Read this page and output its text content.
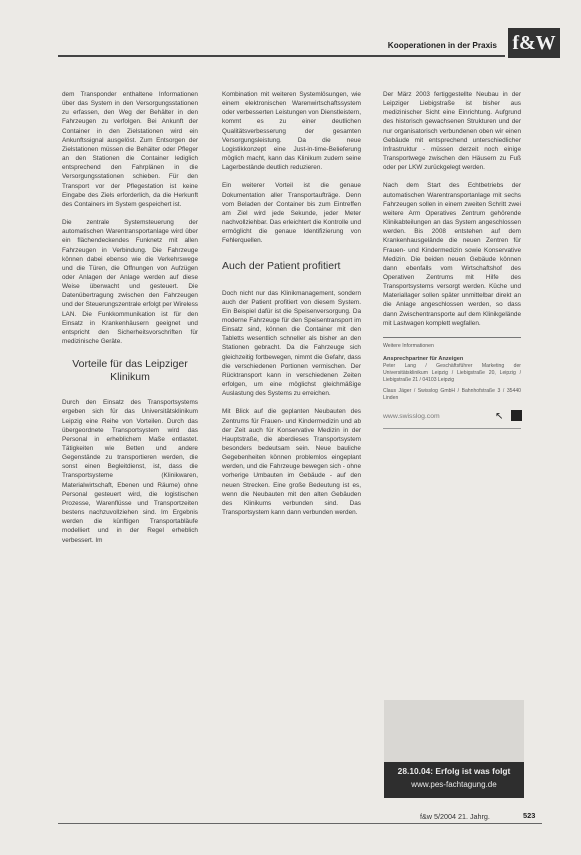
Kooperationen in der Praxis f&W

dem Transponder enthaltene Informationen über das System in den Versorgungsstationen zu erfassen, den Weg der Behälter in den Fahrzeugen zu verfolgen. Bei Ankunft der Container in den Zielstationen wird ein Ankunftssignal ausgelöst. Zum Entsorgen der Zielstationen müssen die Behälter oder Pfleger an den Stationen die Container lediglich entsprechend den Fahrplänen in die Versorgungsstationen schieben. Für den Transport vor der Pflegestation ist keine Eingabe des Ziels erforderlich, da die Herkunft des Containers im System gespeichert ist.

Die zentrale Systemsteuerung der automatischen Warentransportanlage wird über ein flächendeckendes Funknetz mit allen Fahrzeugen in Verbindung. Die Fahrzeuge können dabei ebenso wie die Verkehrswege und die Türen, die Offnungen von Aufzügen oder Anlagen der Anlage werden auf diese Weise überwacht und gesteuert. Die Datenübertragung zwischen den Fahrzeugen und der Steuerungszentrale erfolgt per Wireless LAN. Die Funkkommunikation ist für den Einsatz in Krankenhäusern geeignet und entspricht den Sicherheitsvorschriften für medizinische Geräte.

Vorteile für das Leipziger Klinikum

Durch den Einsatz des Transportsystems ergeben sich für das Universitätsklinikum Leipzig eine Reihe von Vorteilen. Durch das übergeordnete Transportsystem wird das Personal in erheblichem Maße entlastet. Tätigkeiten wie Betten und andere Gegenstände zu transportieren werden, die sonst einen Begleitdienst, ist, dass die Transportsysteme (Klinikwaren, Materialwirtschaft, Ebenen und Räume) ohne Personal gesteuert wird, die logistischen Prozesse, Warenflüsse und Transportzeiten bestens nachzuvollziehen sind. Im Ergebnis werden die künftigen Transportabläufe modelliert und in der Regel erheblich verbessert. Im

Kombination mit weiteren Systemlösungen, wie einem elektronischen Warenwirtschaftssystem oder verbesserten Leistungen von Dienstleistern, kommt es zu einer deutlichen Qualitätsverbesserung der gesamten Versorgungsleistung. Da die neue Logistikkonzept eine Just-in-time-Belieferung möglich macht, kann das Klinikum zudem seine Lagerbestände deutlich reduzieren.

Ein weiterer Vorteil ist die genaue Dokumentation aller Transportaufträge. Denn vom Beladen der Container bis zum Eintreffen am Ziel wird jede Sekunde, jeder Meter nachvollziehbar. Das erleichtert die Kontrolle und ermöglicht die genaue Identifizierung von Fehlerquellen.

Auch der Patient profitiert

Doch nicht nur das Klinikmanagement, sondern auch der Patient profitiert von diesem System. Ein Beispiel dafür ist die Speisenversorgung. Da moderne Fahrzeuge für den Speisentransport im Einsatz sind, können die Container mit den Tabletts wesentlich schneller als bisher an den Stationen gebracht. Da die Fahrzeuge sich gleichzeitig fortbewegen, nimmt die Gefahr, dass die verschiedenen Portionen vermischen. Der Rücktransport kann in verschiedenen Zeiten erfolgen, um eine möglichst gleichmäßige Auslastung des Systems zu erreichen.

Mit Blick auf die geplanten Neubauten des Zentrums für Frauen- und Kindermedizin und ab der Zeit auch für Konservative Medizin in der Hauptstraße, die aberdieses Transportsystem besonders bedeutsam sein. Neue bauliche Gegebenheiten können problemlos eingeplant werden, und die Fahrzeuge bewegen sich - ohne vorherige Umbauten im Gebäude - auf den neuen Strecken. Eine große Bedeutung ist es, wenn die Neubauten mit den alten Gebäuden des Klinikums verbunden sind. Das Transportsystem kann dann verbunden werden.

Der März 2003 fertiggestellte Neubau in der Leipziger Liebigstraße ist bisher aus medizinischer Sicht eine Einrichtung. Aufgrund des historisch gewachsenen Strukturen und der nur organisatorisch verbundenen oben wir einen Gebäude mit entsprechend unterschiedlicher Infrastruktur - müssen derzeit noch einige Transportwege zwischen den Häusern zu Fuß oder per LKW zurückgelegt werden.

Nach dem Start des Echtbetriebs der automatischen Warentransportanlage mit sechs Fahrzeugen sollen in einem zweiten Schritt zwei weitere Arm Operatives Zentrum gehörende Klinikabteilungen an das System angeschlossen werden. Bis 2008 entstehen auf dem Krankenhausgelände die neuen Zentren für Frauen- und Kindermedizin sowie Konservative Medizin. Die beiden neuen Gebäude können dann ebenfalls vom Wirtschaftshof des Operativen Zentrums mit Hilfe des Transportsystems versorgt werden. Küche und Materiallager sollen später unmittelbar direkt an die Anlage angeschlossen werden, so dass dann Zwischentransporte auf dem Klinikgelände mit Lastwagen komplett wegfallen.

Weitere Informationen
Ansprechpartner für Anzeigen
Peter Lang / Geschäftsführer Marketing der Universitätsklinikum Leipzig / Liebigstraße 20, Leipzig / Liebigstraße 21 / 04103 Leipzig
Claus Jäger / Swisslog GmbH / Bahnhofstraße 3 / 35440 Linden
www.swisslog.com	↖
28.10.04: Erfolg ist was folgt
www.pes-fachtagung.de
f&w 5/2004 21. Jahrg.	523
